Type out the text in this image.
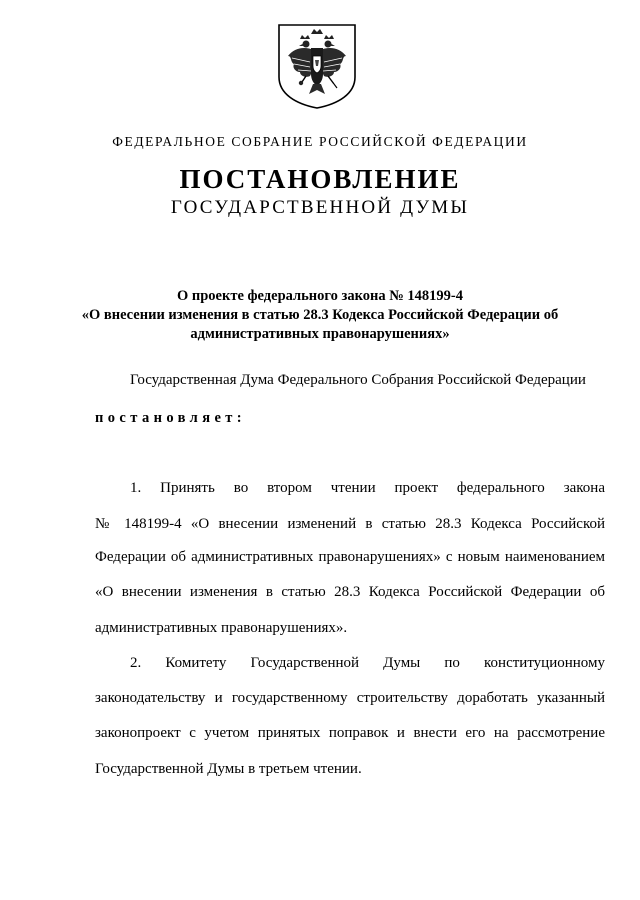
ФЕДЕРАЛЬНОЕ СОБРАНИЕ РОССИЙСКОЙ ФЕДЕРАЦИИ
ПОСТАНОВЛЕНИЕ
ГОСУДАРСТВЕННОЙ ДУМЫ
О проекте федерального закона № 148199-4
«О внесении изменения в статью 28.3 Кодекса Российской Федерации об
административных правонарушениях»
Государственная Дума Федерального Собрания Российской Федерации
постановляет:
1. Принять во втором чтении проект федерального закона
№ 148199-4 «О внесении изменений в статью 28.3 Кодекса Российской
Федерации об административных правонарушениях» с новым наименованием
«О внесении изменения в статью 28.3 Кодекса Российской Федерации об
административных правонарушениях».
2. Комитету Государственной Думы по конституционному
законодательству и государственному строительству доработать указанный
законопроект с учетом принятых поправок и внести его на рассмотрение
Государственной Думы в третьем чтении.
